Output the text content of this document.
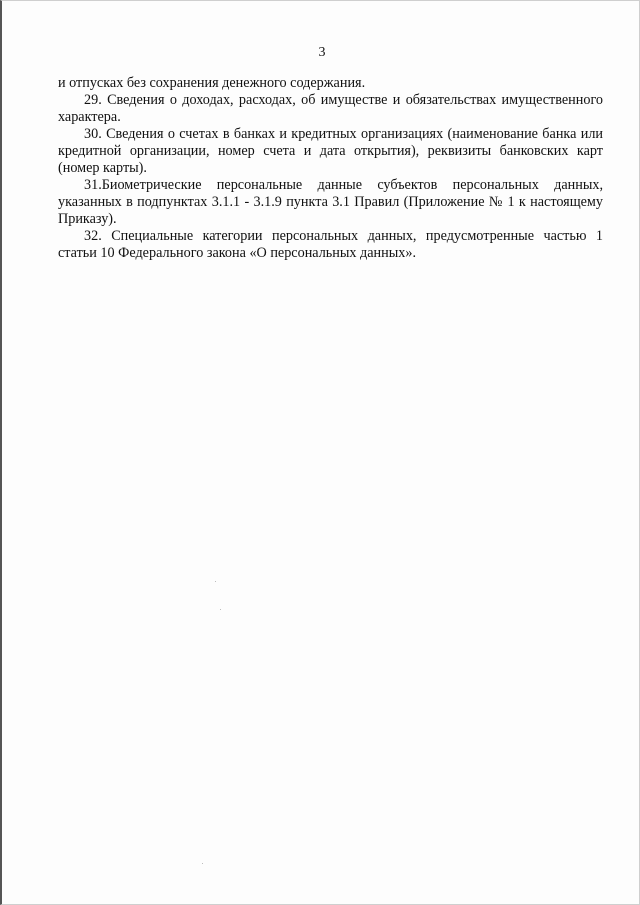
3

и отпусках без сохранения денежного содержания.

29. Сведения о доходах, расходах, об имуществе и обязательствах имущественного характера.

30. Сведения о счетах в банках и кредитных организациях (наименование банка или кредитной организации, номер счета и дата открытия), реквизиты банковских карт (номер карты).

31.Биометрические персональные данные субъектов персональных данных, указанных в подпунктах 3.1.1 - 3.1.9 пункта 3.1 Правил (Приложение № 1 к настоящему Приказу).

32. Специальные категории персональных данных, предусмотренные частью 1 статьи 10 Федерального закона «О персональных данных».
